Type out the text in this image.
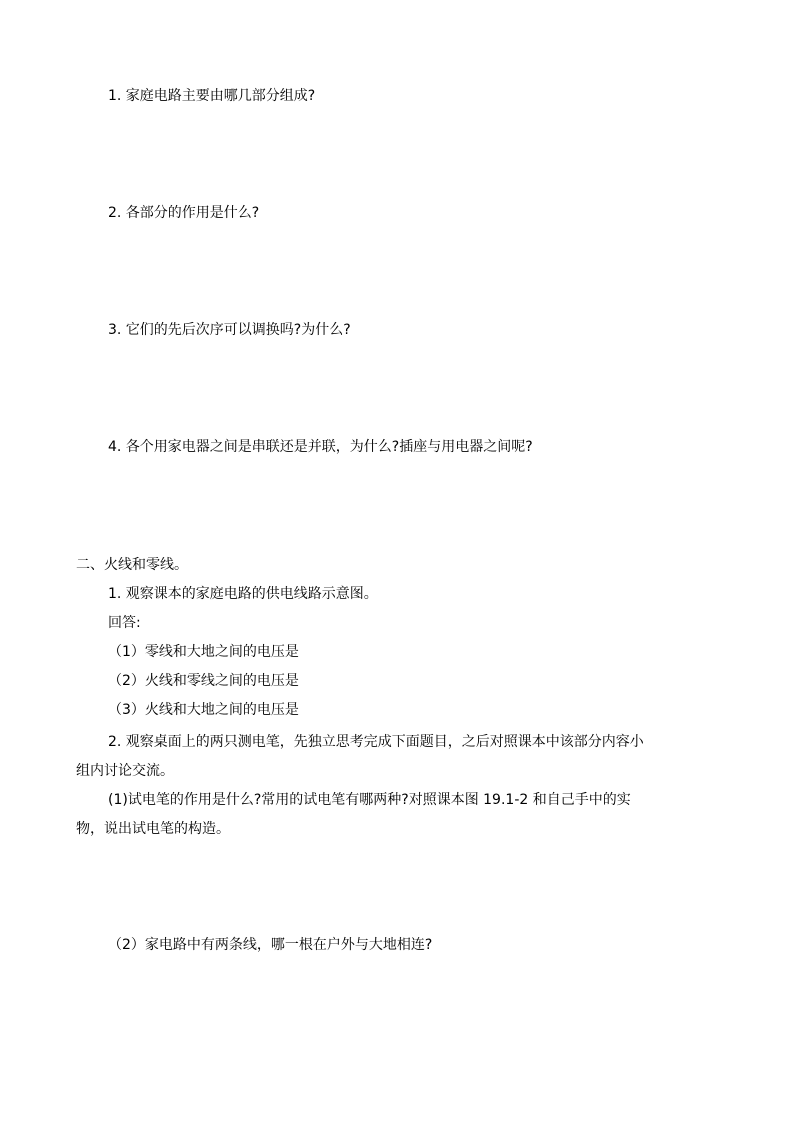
1. 家庭电路主要由哪几部分组成?

2. 各部分的作用是什么?

3. 它们的先后次序可以调换吗?为什么?

4. 各个用家电器之间是串联还是并联，为什么?插座与用电器之间呢?

二、火线和零线。

1. 观察课本的家庭电路的供电线路示意图。

回答:

（1）零线和大地之间的电压是

（2）火线和零线之间的电压是

（3）火线和大地之间的电压是

2. 观察桌面上的两只测电笔，先独立思考完成下面题目，之后对照课本中该部分内容小

组内讨论交流。

(1)试电笔的作用是什么?常用的试电笔有哪两种?对照课本图 19.1-2 和自己手中的实

物，说出试电笔的构造。

（2）家电路中有两条线，哪一根在户外与大地相连?
